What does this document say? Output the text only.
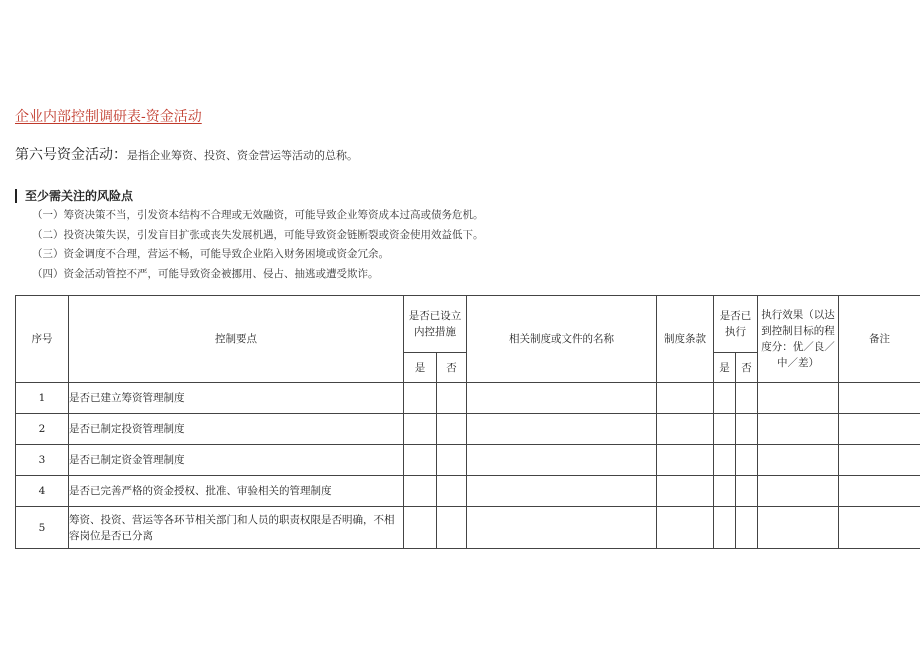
企业内部控制调研表-资金活动
第六号资金活动：是指企业筹资、投资、资金营运等活动的总称。
至少需关注的风险点
（一）筹资决策不当，引发资本结构不合理或无效融资，可能导致企业筹资成本过高或债务危机。
（二）投资决策失误，引发盲目扩张或丧失发展机遇，可能导致资金链断裂或资金使用效益低下。
（三）资金调度不合理，营运不畅，可能导致企业陷入财务困境或资金冗余。
（四）资金活动管控不严，可能导致资金被挪用、侵占、抽逃或遭受欺诈。
序号	控制要点	是否已设立内控措施		相关制度或文件的名称	制度条款	是否已执行		执行效果（以达到控制目标的程度分：优／良／中／差）	备注
		是	否			是	否		
1	是否已建立筹资管理制度								
2	是否已制定投资管理制度								
3	是否已制定资金管理制度								
4	是否已完善严格的资金授权、批准、审验相关的管理制度								
5	筹资、投资、营运等各环节相关部门和人员的职责权限是否明确，不相容岗位是否已分离								
